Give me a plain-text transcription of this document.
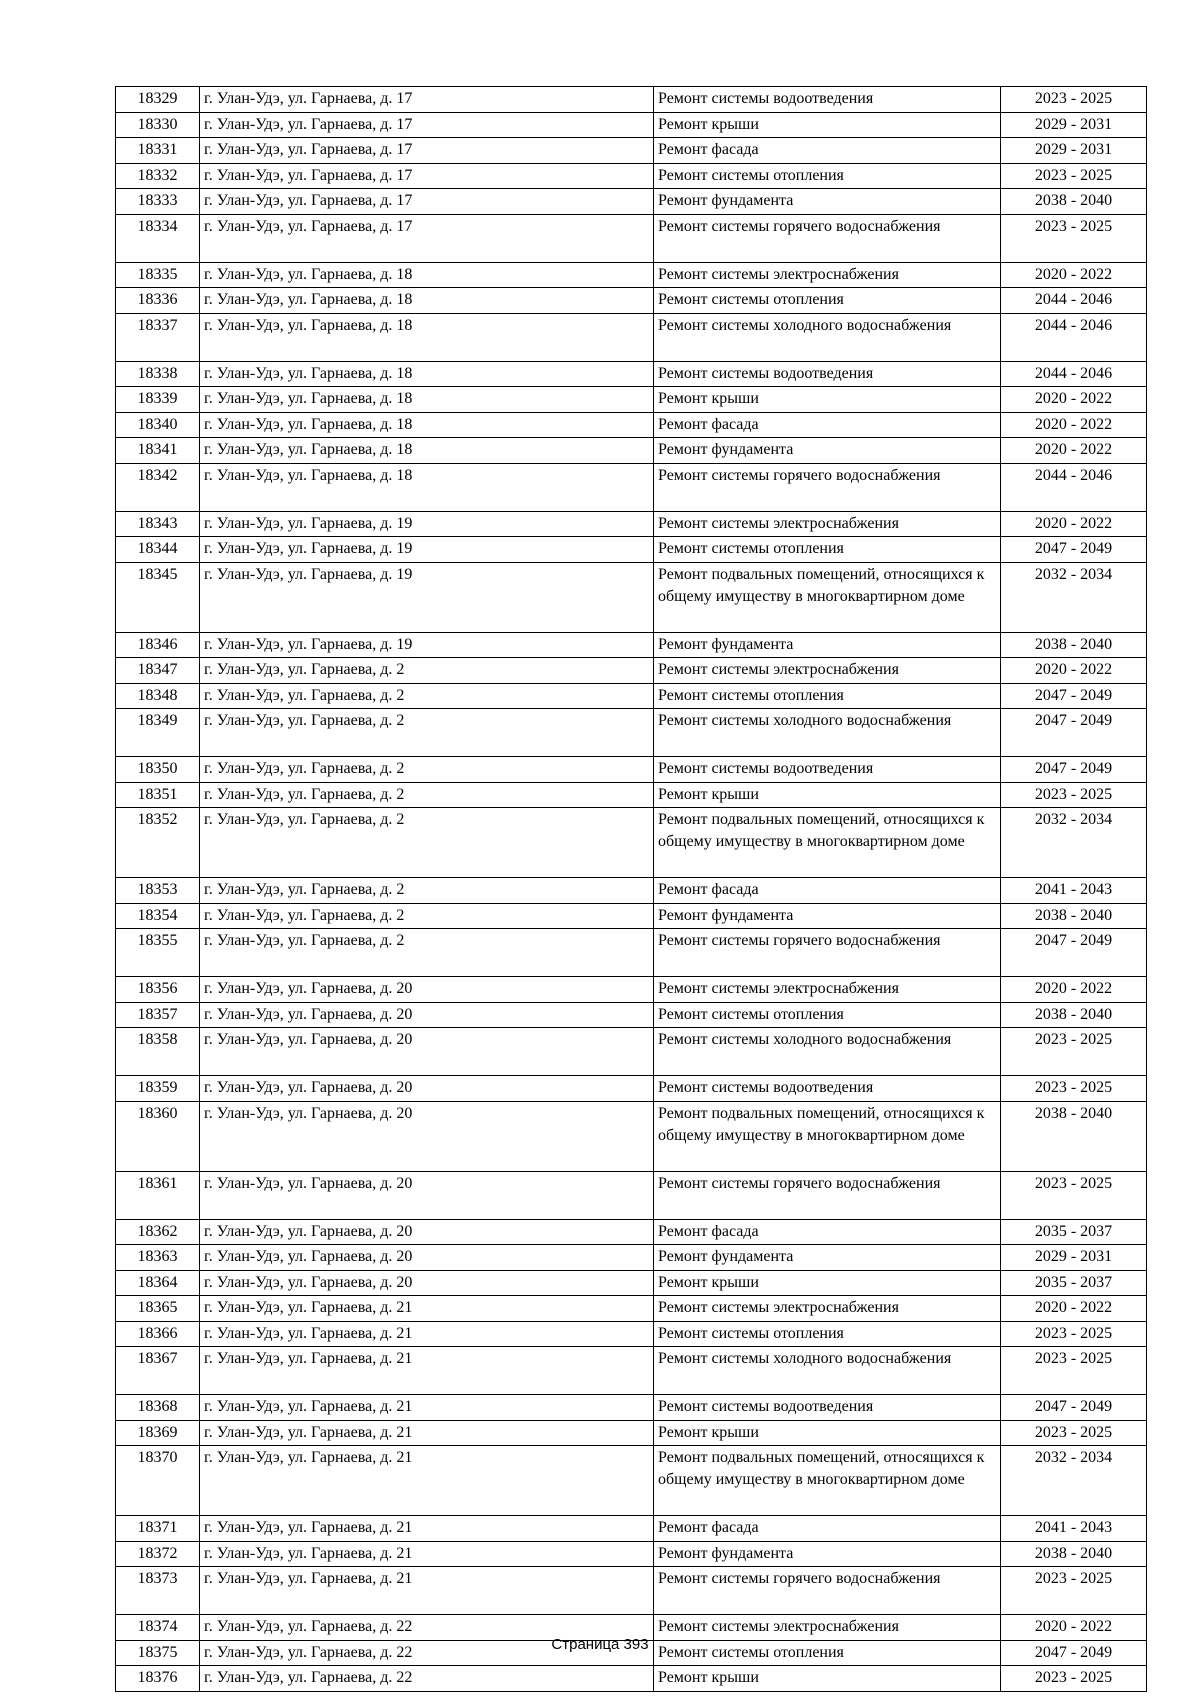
18329	г. Улан-Удэ, ул. Гарнаева, д. 17	Ремонт системы водоотведения	2023 - 2025
18330	г. Улан-Удэ, ул. Гарнаева, д. 17	Ремонт крыши	2029 - 2031
18331	г. Улан-Удэ, ул. Гарнаева, д. 17	Ремонт фасада	2029 - 2031
18332	г. Улан-Удэ, ул. Гарнаева, д. 17	Ремонт системы отопления	2023 - 2025
18333	г. Улан-Удэ, ул. Гарнаева, д. 17	Ремонт фундамента	2038 - 2040
18334	г. Улан-Удэ, ул. Гарнаева, д. 17	Ремонт системы горячего водоснабжения	2023 - 2025
18335	г. Улан-Удэ, ул. Гарнаева, д. 18	Ремонт системы электроснабжения	2020 - 2022
18336	г. Улан-Удэ, ул. Гарнаева, д. 18	Ремонт системы отопления	2044 - 2046
18337	г. Улан-Удэ, ул. Гарнаева, д. 18	Ремонт системы холодного водоснабжения	2044 - 2046
18338	г. Улан-Удэ, ул. Гарнаева, д. 18	Ремонт системы водоотведения	2044 - 2046
18339	г. Улан-Удэ, ул. Гарнаева, д. 18	Ремонт крыши	2020 - 2022
18340	г. Улан-Удэ, ул. Гарнаева, д. 18	Ремонт фасада	2020 - 2022
18341	г. Улан-Удэ, ул. Гарнаева, д. 18	Ремонт фундамента	2020 - 2022
18342	г. Улан-Удэ, ул. Гарнаева, д. 18	Ремонт системы горячего водоснабжения	2044 - 2046
18343	г. Улан-Удэ, ул. Гарнаева, д. 19	Ремонт системы электроснабжения	2020 - 2022
18344	г. Улан-Удэ, ул. Гарнаева, д. 19	Ремонт системы отопления	2047 - 2049
18345	г. Улан-Удэ, ул. Гарнаева, д. 19	Ремонт подвальных помещений, относящихся к общему имуществу в многоквартирном доме	2032 - 2034
18346	г. Улан-Удэ, ул. Гарнаева, д. 19	Ремонт фундамента	2038 - 2040
18347	г. Улан-Удэ, ул. Гарнаева, д. 2	Ремонт системы электроснабжения	2020 - 2022
18348	г. Улан-Удэ, ул. Гарнаева, д. 2	Ремонт системы отопления	2047 - 2049
18349	г. Улан-Удэ, ул. Гарнаева, д. 2	Ремонт системы холодного водоснабжения	2047 - 2049
18350	г. Улан-Удэ, ул. Гарнаева, д. 2	Ремонт системы водоотведения	2047 - 2049
18351	г. Улан-Удэ, ул. Гарнаева, д. 2	Ремонт крыши	2023 - 2025
18352	г. Улан-Удэ, ул. Гарнаева, д. 2	Ремонт подвальных помещений, относящихся к общему имуществу в многоквартирном доме	2032 - 2034
18353	г. Улан-Удэ, ул. Гарнаева, д. 2	Ремонт фасада	2041 - 2043
18354	г. Улан-Удэ, ул. Гарнаева, д. 2	Ремонт фундамента	2038 - 2040
18355	г. Улан-Удэ, ул. Гарнаева, д. 2	Ремонт системы горячего водоснабжения	2047 - 2049
18356	г. Улан-Удэ, ул. Гарнаева, д. 20	Ремонт системы электроснабжения	2020 - 2022
18357	г. Улан-Удэ, ул. Гарнаева, д. 20	Ремонт системы отопления	2038 - 2040
18358	г. Улан-Удэ, ул. Гарнаева, д. 20	Ремонт системы холодного водоснабжения	2023 - 2025
18359	г. Улан-Удэ, ул. Гарнаева, д. 20	Ремонт системы водоотведения	2023 - 2025
18360	г. Улан-Удэ, ул. Гарнаева, д. 20	Ремонт подвальных помещений, относящихся к общему имуществу в многоквартирном доме	2038 - 2040
18361	г. Улан-Удэ, ул. Гарнаева, д. 20	Ремонт системы горячего водоснабжения	2023 - 2025
18362	г. Улан-Удэ, ул. Гарнаева, д. 20	Ремонт фасада	2035 - 2037
18363	г. Улан-Удэ, ул. Гарнаева, д. 20	Ремонт фундамента	2029 - 2031
18364	г. Улан-Удэ, ул. Гарнаева, д. 20	Ремонт крыши	2035 - 2037
18365	г. Улан-Удэ, ул. Гарнаева, д. 21	Ремонт системы электроснабжения	2020 - 2022
18366	г. Улан-Удэ, ул. Гарнаева, д. 21	Ремонт системы отопления	2023 - 2025
18367	г. Улан-Удэ, ул. Гарнаева, д. 21	Ремонт системы холодного водоснабжения	2023 - 2025
18368	г. Улан-Удэ, ул. Гарнаева, д. 21	Ремонт системы водоотведения	2047 - 2049
18369	г. Улан-Удэ, ул. Гарнаева, д. 21	Ремонт крыши	2023 - 2025
18370	г. Улан-Удэ, ул. Гарнаева, д. 21	Ремонт подвальных помещений, относящихся к общему имуществу в многоквартирном доме	2032 - 2034
18371	г. Улан-Удэ, ул. Гарнаева, д. 21	Ремонт фасада	2041 - 2043
18372	г. Улан-Удэ, ул. Гарнаева, д. 21	Ремонт фундамента	2038 - 2040
18373	г. Улан-Удэ, ул. Гарнаева, д. 21	Ремонт системы горячего водоснабжения	2023 - 2025
18374	г. Улан-Удэ, ул. Гарнаева, д. 22	Ремонт системы электроснабжения	2020 - 2022
18375	г. Улан-Удэ, ул. Гарнаева, д. 22	Ремонт системы отопления	2047 - 2049
18376	г. Улан-Удэ, ул. Гарнаева, д. 22	Ремонт крыши	2023 - 2025
Страница 393
